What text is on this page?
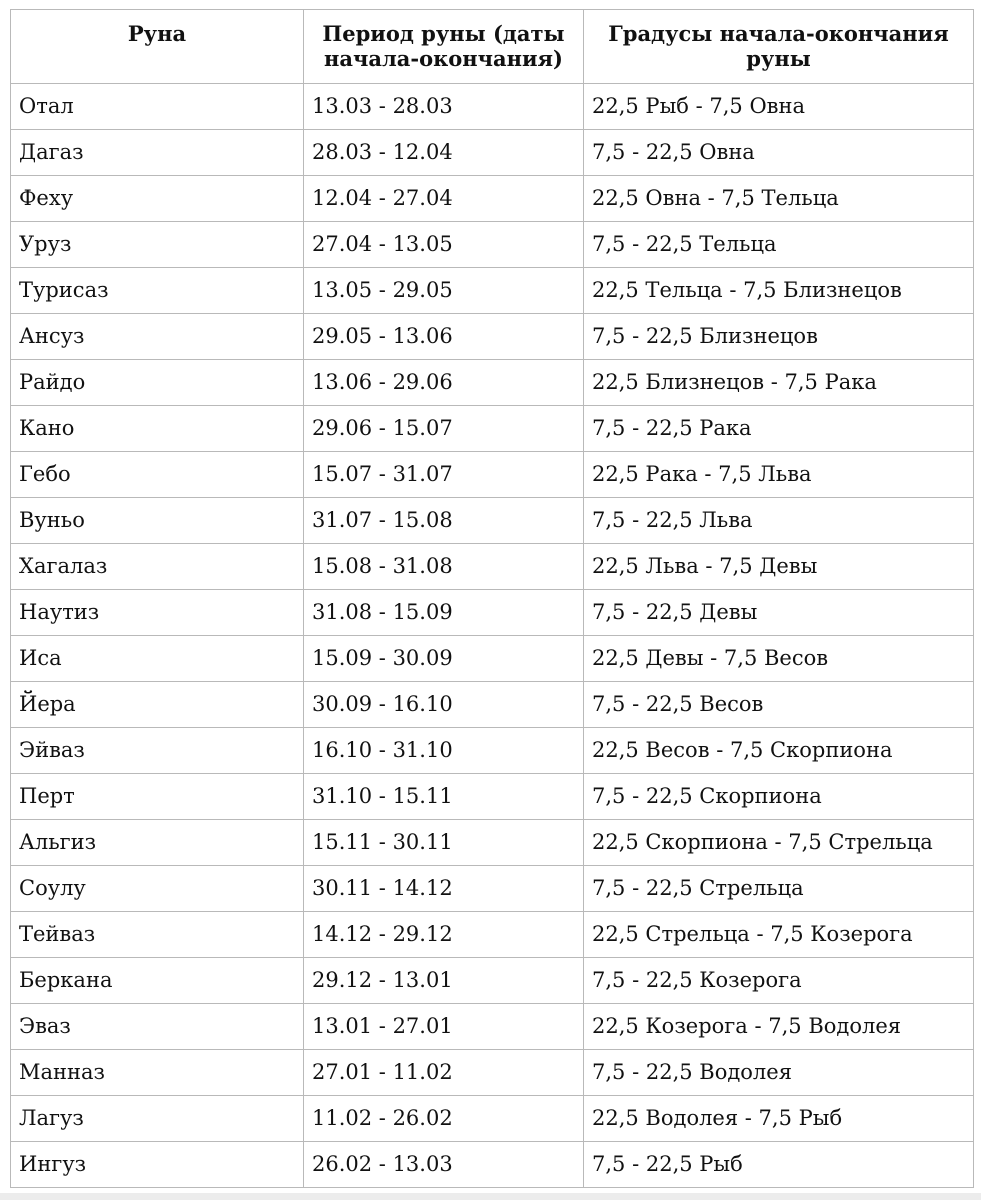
Руна	Период руны (даты начала-окончания)	Градусы начала-окончания руны
Отал	13.03 - 28.03	22,5 Рыб - 7,5 Овна
Дагаз	28.03 - 12.04	7,5 - 22,5 Овна
Феху	12.04 - 27.04	22,5 Овна - 7,5 Тельца
Уруз	27.04 - 13.05	7,5 - 22,5 Тельца
Турисаз	13.05 - 29.05	22,5 Тельца - 7,5 Близнецов
Ансуз	29.05 - 13.06	7,5 - 22,5 Близнецов
Райдо	13.06 - 29.06	22,5 Близнецов - 7,5 Рака
Кано	29.06 - 15.07	7,5 - 22,5 Рака
Гебо	15.07 - 31.07	22,5 Рака - 7,5 Льва
Вуньо	31.07 - 15.08	7,5 - 22,5 Льва
Хагалаз	15.08 - 31.08	22,5 Льва - 7,5 Девы
Наутиз	31.08 - 15.09	7,5 - 22,5 Девы
Иса	15.09 - 30.09	22,5 Девы - 7,5 Весов
Йера	30.09 - 16.10	7,5 - 22,5 Весов
Эйваз	16.10 - 31.10	22,5 Весов - 7,5 Скорпиона
Перт	31.10 - 15.11	7,5 - 22,5 Скорпиона
Альгиз	15.11 - 30.11	22,5 Скорпиона - 7,5 Стрельца
Соулу	30.11 - 14.12	7,5 - 22,5 Стрельца
Тейваз	14.12 - 29.12	22,5 Стрельца - 7,5 Козерога
Беркана	29.12 - 13.01	7,5 - 22,5 Козерога
Эваз	13.01 - 27.01	22,5 Козерога - 7,5 Водолея
Манназ	27.01 - 11.02	7,5 - 22,5 Водолея
Лагуз	11.02 - 26.02	22,5 Водолея - 7,5 Рыб
Ингуз	26.02 - 13.03	7,5 - 22,5 Рыб
